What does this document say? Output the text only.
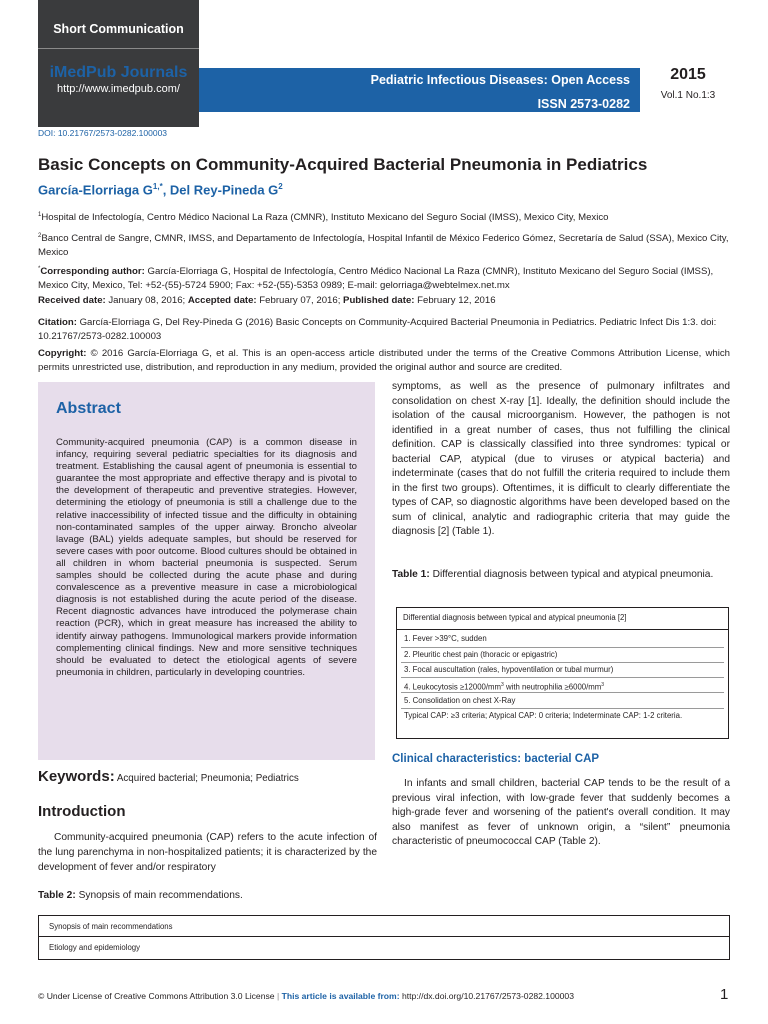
Short Communication
iMedPub Journals
http://www.imedpub.com/
Pediatric Infectious Diseases: Open Access
ISSN 2573-0282
2015
Vol.1 No.1:3
DOI: 10.21767/2573-0282.100003
Basic Concepts on Community-Acquired Bacterial Pneumonia in Pediatrics
García-Elorriaga $G^{1,*}$, Del Rey-Pineda $G^2$
$^1$Hospital de Infectología, Centro Médico Nacional La Raza (CMNR), Instituto Mexicano del Seguro Social (IMSS), Mexico City, Mexico
$^2$Banco Central de Sangre, CMNR, IMSS, and Departamento de Infectología, Hospital Infantil de México Federico Gómez, Secretaría de Salud (SSA), Mexico City, Mexico
*Corresponding author: García-Elorriaga G, Hospital de Infectología, Centro Médico Nacional La Raza (CMNR), Instituto Mexicano del Seguro Social (IMSS), Mexico City, Mexico, Tel: +52-(55)-5724 5900; Fax: +52-(55)-5353 0989; E-mail: gelorriaga@webtelmex.net.mx
Received date: January 08, 2016; Accepted date: February 07, 2016; Published date: February 12, 2016
Citation: García-Elorriaga G, Del Rey-Pineda G (2016) Basic Concepts on Community-Acquired Bacterial Pneumonia in Pediatrics. Pediatric Infect Dis 1:3. doi: 10.21767/2573-0282.100003
Copyright: © 2016 García-Elorriaga G, et al. This is an open-access article distributed under the terms of the Creative Commons Attribution License, which permits unrestricted use, distribution, and reproduction in any medium, provided the original author and source are credited.
Abstract
Community-acquired pneumonia (CAP) is a common disease in infancy, requiring several pediatric specialties for its diagnosis and treatment. Establishing the causal agent of pneumonia is essential to guarantee the most appropriate and effective therapy and is pivotal to the development of therapeutic and preventive strategies. However, determining the etiology of pneumonia is still a challenge due to the relative inaccessibility of infected tissue and the difficulty in obtaining non-contaminated samples of the upper airway. Broncho alveolar lavage (BAL) yields adequate samples, but should be reserved for severe cases with poor outcome. Blood cultures should be obtained in all children in whom bacterial pneumonia is suspected. Serum samples should be collected during the acute phase and during convalescence as a preventive measure in case a microbiological diagnosis is not established during the acute period of the disease. Recent diagnostic advances have introduced the polymerase chain reaction (PCR), which in great measure has increased the ability to identify airway pathogens. Immunological markers provide information complementing clinical findings. New and more sensitive techniques should be evaluated to detect the etiological agents of severe pneumonia in children, particularly in developing countries.
Keywords: Acquired bacterial; Pneumonia; Pediatrics
Introduction
Community-acquired pneumonia (CAP) refers to the acute infection of the lung parenchyma in non-hospitalized patients; it is characterized by the development of fever and/or respiratory
symptoms, as well as the presence of pulmonary infiltrates and consolidation on chest X-ray [1]. Ideally, the definition should include the isolation of the causal microorganism. However, the pathogen is not identified in a great number of cases, thus not fulfilling the clinical definition. CAP is classically classified into three syndromes: typical or bacterial CAP, atypical (due to viruses or atypical bacteria) and indeterminate (cases that do not fulfill the criteria required to include them in the first two groups). Oftentimes, it is difficult to clearly differentiate the types of CAP, so diagnostic algorithms have been developed based on the sum of clinical, analytic and radiographic criteria that may guide the diagnosis [2] (Table 1).
Table 1: Differential diagnosis between typical and atypical pneumonia.
Differential diagnosis between typical and atypical pneumonia [2]
1. Fever >39°C, sudden
2. Pleuritic chest pain (thoracic or epigastric)
3. Focal auscultation (rales, hypoventilation or tubal murmur)
4. Leukocytosis $\ge 12000/mm^3$ with neutrophilia $\ge 6000/mm^3$
5. Consolidation on chest X-Ray
Typical CAP: ≥3 criteria; Atypical CAP: 0 criteria; Indeterminate CAP: 1-2 criteria.
Clinical characteristics: bacterial CAP
In infants and small children, bacterial CAP tends to be the result of a previous viral infection, with low-grade fever that suddenly becomes a high-grade fever and worsening of the patient's overall condition. It may also manifest as fever of unknown origin, a “silent” pneumonia characteristic of pneumococcal CAP (Table 2).
Table 2: Synopsis of main recommendations.
Synopsis of main recommendations
Etiology and epidemiology
© Under License of Creative Commons Attribution 3.0 License | This article is available from: http://dx.doi.org/10.21767/2573-0282.100003	1
